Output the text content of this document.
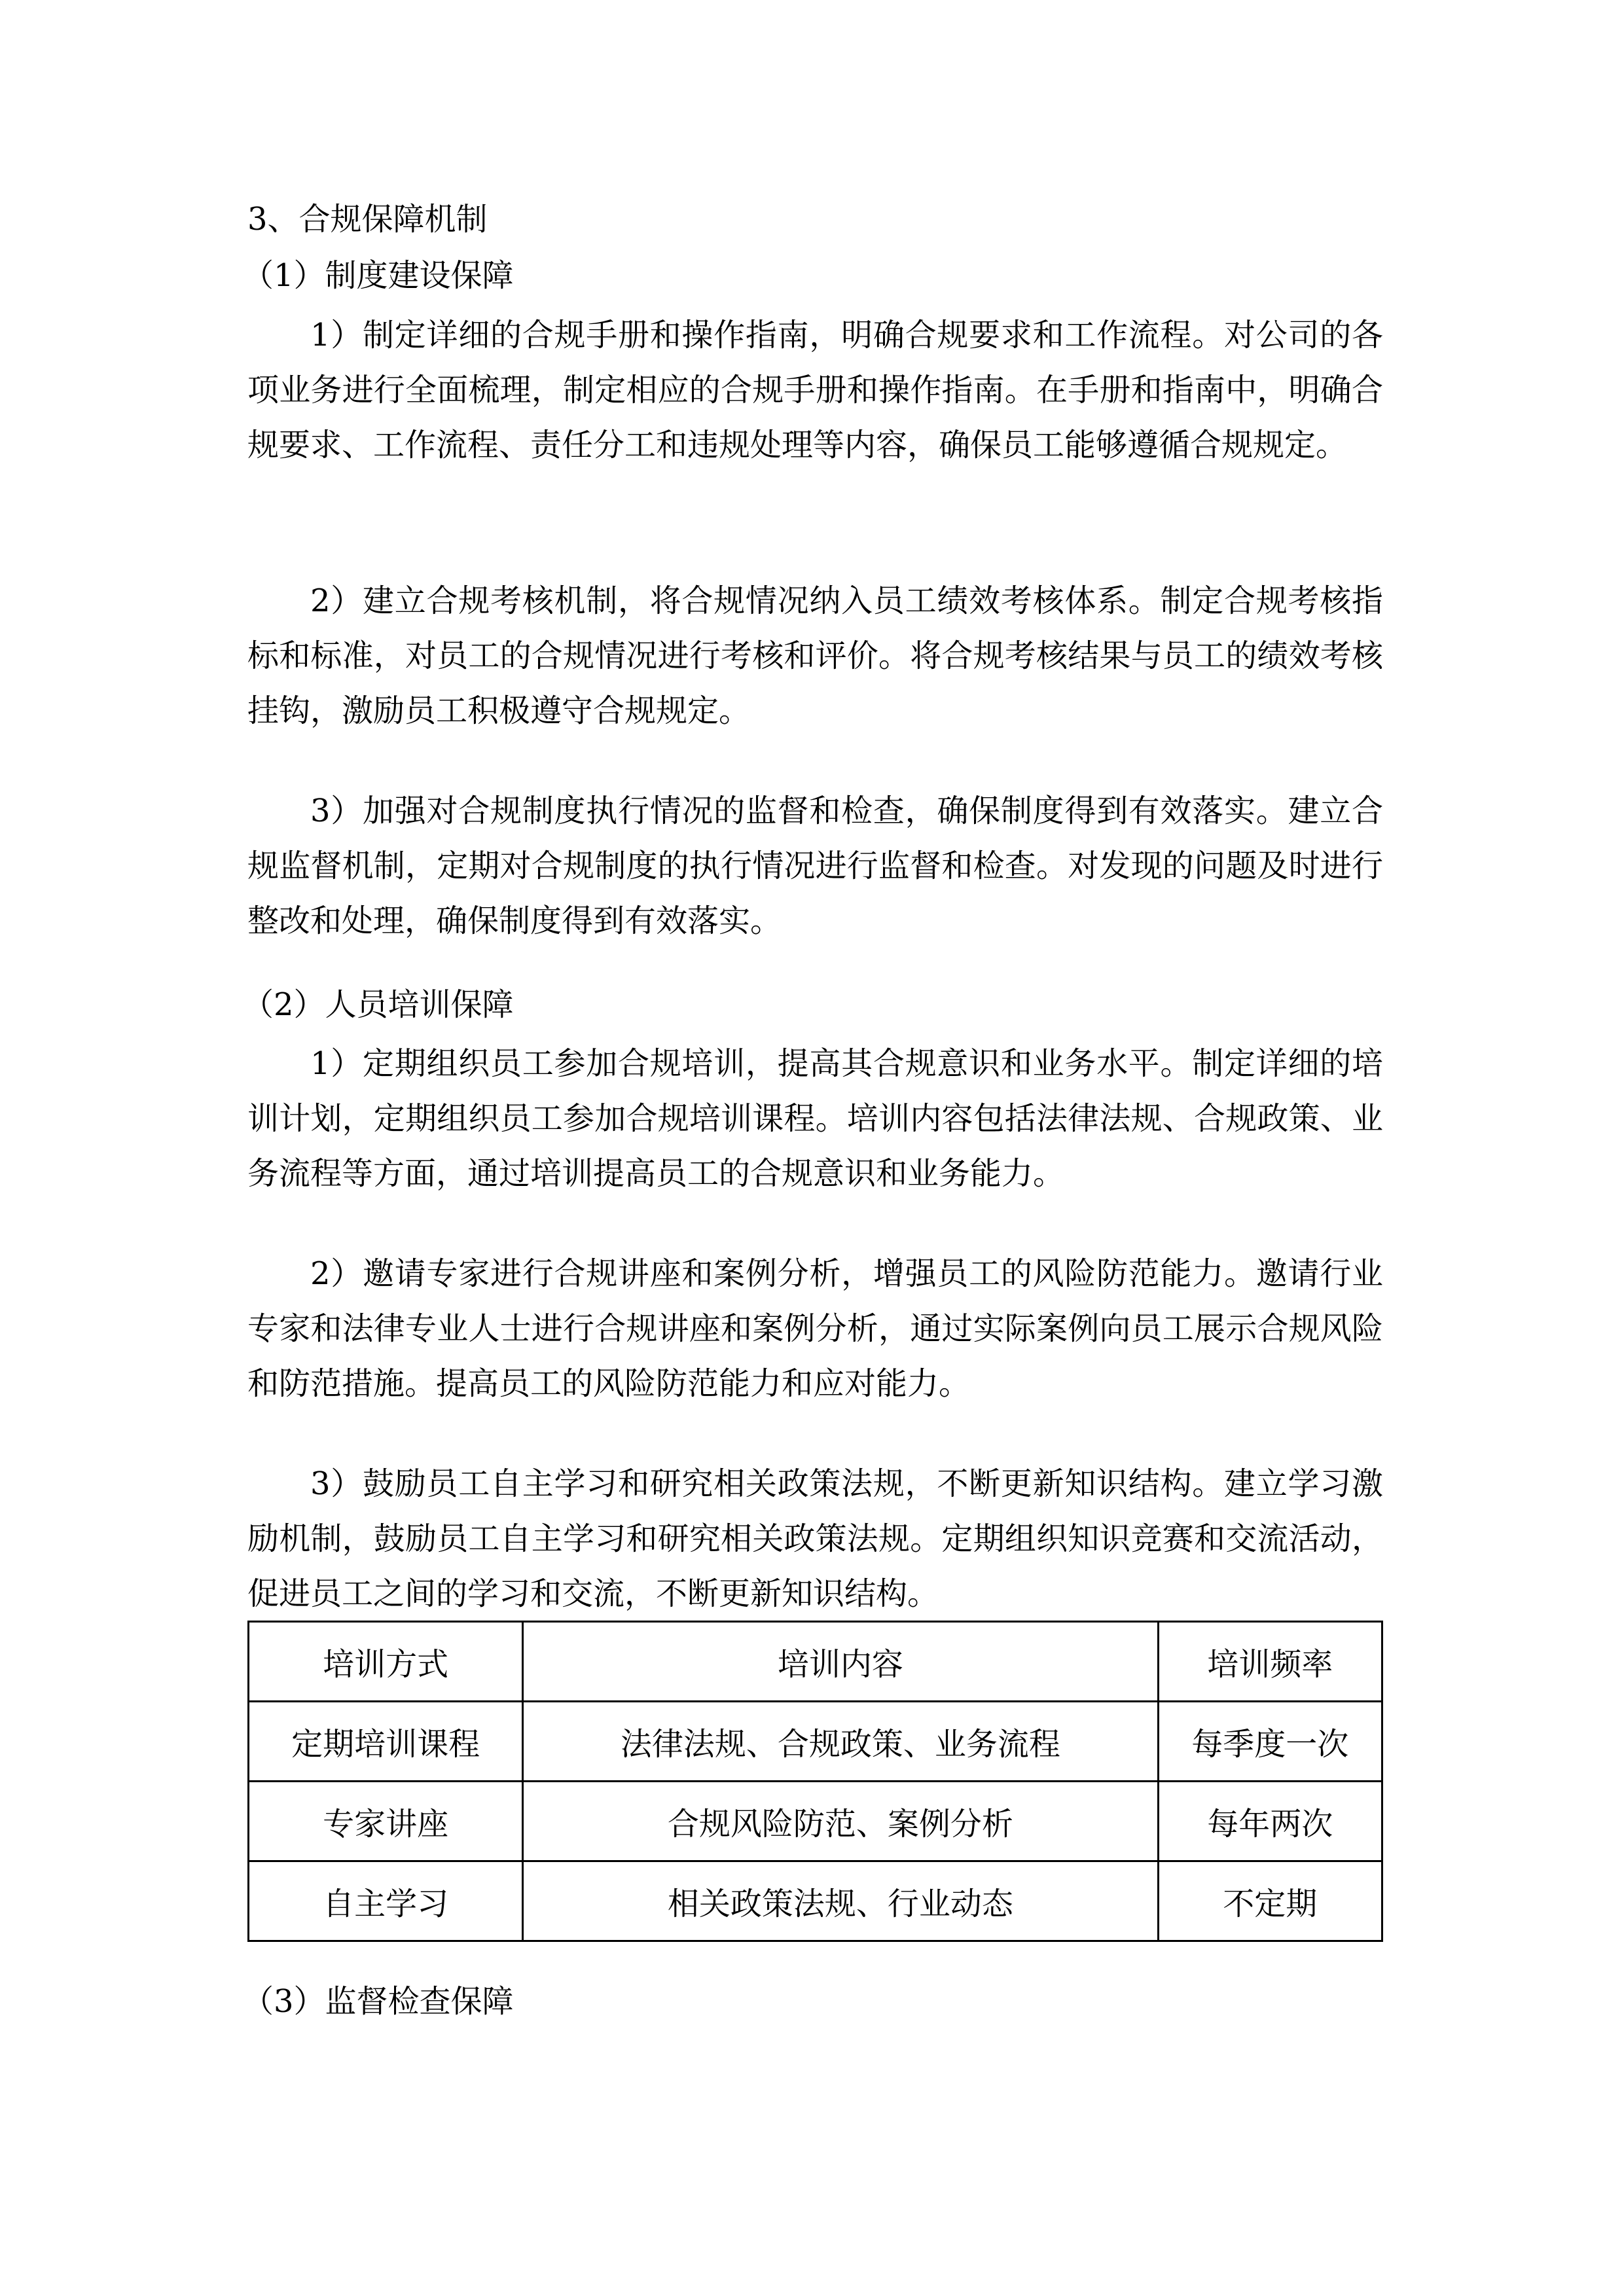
3、合规保障机制
（1）制度建设保障

1）制定详细的合规手册和操作指南，明确合规要求和工作流程。对公司的各项业务进行全面梳理，制定相应的合规手册和操作指南。在手册和指南中，明确合规要求、工作流程、责任分工和违规处理等内容，确保员工能够遵循合规规定。

2）建立合规考核机制，将合规情况纳入员工绩效考核体系。制定合规考核指标和标准，对员工的合规情况进行考核和评价。将合规考核结果与员工的绩效考核挂钩，激励员工积极遵守合规规定。

3）加强对合规制度执行情况的监督和检查，确保制度得到有效落实。建立合规监督机制，定期对合规制度的执行情况进行监督和检查。对发现的问题及时进行整改和处理，确保制度得到有效落实。

（2）人员培训保障

1）定期组织员工参加合规培训，提高其合规意识和业务水平。制定详细的培训计划，定期组织员工参加合规培训课程。培训内容包括法律法规、合规政策、业务流程等方面，通过培训提高员工的合规意识和业务能力。

2）邀请专家进行合规讲座和案例分析，增强员工的风险防范能力。邀请行业专家和法律专业人士进行合规讲座和案例分析，通过实际案例向员工展示合规风险和防范措施。提高员工的风险防范能力和应对能力。

3）鼓励员工自主学习和研究相关政策法规，不断更新知识结构。建立学习激励机制，鼓励员工自主学习和研究相关政策法规。定期组织知识竞赛和交流活动，促进员工之间的学习和交流，不断更新知识结构。

培训方式	培训内容	培训频率
定期培训课程	法律法规、合规政策、业务流程	每季度一次
专家讲座	合规风险防范、案例分析	每年两次
自主学习	相关政策法规、行业动态	不定期
（3）监督检查保障
